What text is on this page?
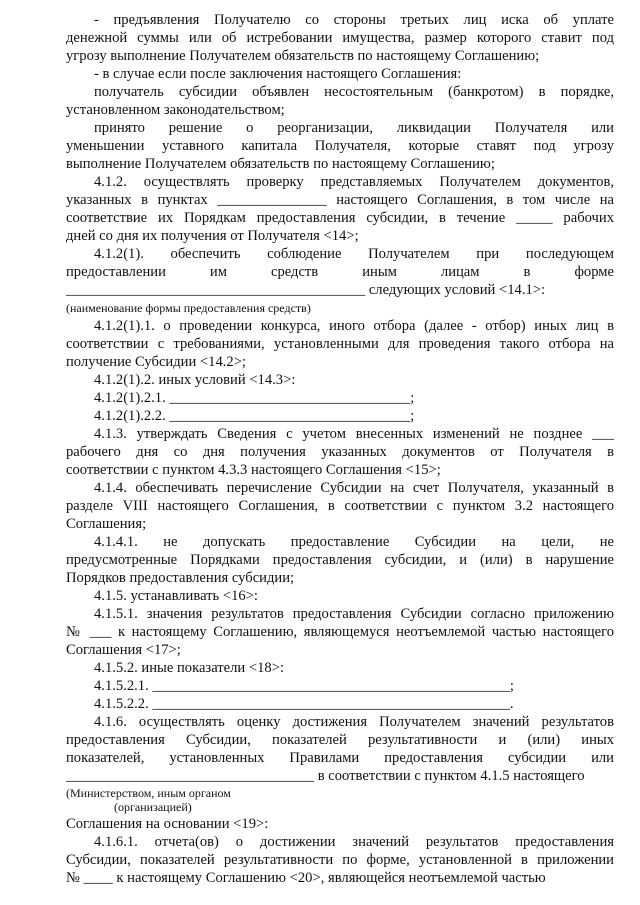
- предъявления Получателю со стороны третьих лиц иска об уплате
денежной суммы или об истребовании имущества, размер которого ставит под
угрозу выполнение Получателем обязательств по настоящему Соглашению;
- в случае если после заключения настоящего Соглашения:
получатель субсидии объявлен несостоятельным (банкротом) в порядке,
установленном законодательством;
принято решение о реорганизации, ликвидации Получателя или
уменьшении уставного капитала Получателя, которые ставят под угрозу
выполнение Получателем обязательств по настоящему Соглашению;
4.1.2. осуществлять проверку представляемых Получателем документов,
указанных в пунктах _______________ настоящего Соглашения, в том числе на
соответствие их Порядкам предоставления субсидии, в течение _____ рабочих
дней со дня их получения от Получателя <14>;
4.1.2(1). обеспечить соблюдение Получателем при последующем
предоставлении им средств иным лицам в форме
_________________________________________ следующих условий <14.1>:
(наименование формы предоставления средств)
4.1.2(1).1. о проведении конкурса, иного отбора (далее - отбор) иных лиц в
соответствии с требованиями, установленными для проведения такого отбора на
получение Субсидии <14.2>;
4.1.2(1).2. иных условий <14.3>:
4.1.2(1).2.1. _________________________________;
4.1.2(1).2.2. _________________________________;
4.1.3. утверждать Сведения с учетом внесенных изменений не позднее ___
рабочего дня со дня получения указанных документов от Получателя в
соответствии с пунктом 4.3.3 настоящего Соглашения <15>;
4.1.4. обеспечивать перечисление Субсидии на счет Получателя, указанный в
разделе VIII настоящего Соглашения, в соответствии с пунктом 3.2 настоящего
Соглашения;
4.1.4.1. не допускать предоставление Субсидии на цели, не
предусмотренные Порядками предоставления субсидии, и (или) в нарушение
Порядков предоставления субсидии;
4.1.5. устанавливать <16>:
4.1.5.1. значения результатов предоставления Субсидии согласно приложению
№ ___ к настоящему Соглашению, являющемуся неотъемлемой частью настоящего
Соглашения <17>;
4.1.5.2. иные показатели <18>:
4.1.5.2.1. _________________________________________________;
4.1.5.2.2. _________________________________________________.
4.1.6. осуществлять оценку достижения Получателем значений результатов
предоставления Субсидии, показателей результативности и (или) иных
показателей, установленных Правилами предоставления субсидии или
__________________________________ в соответствии с пунктом 4.1.5 настоящего
(Министерством, иным органом
(организацией)
Соглашения на основании <19>:
4.1.6.1. отчета(ов) о достижении значений результатов предоставления
Субсидии, показателей результативности по форме, установленной в приложении
№ ____ к настоящему Соглашению <20>, являющейся неотъемлемой частью
